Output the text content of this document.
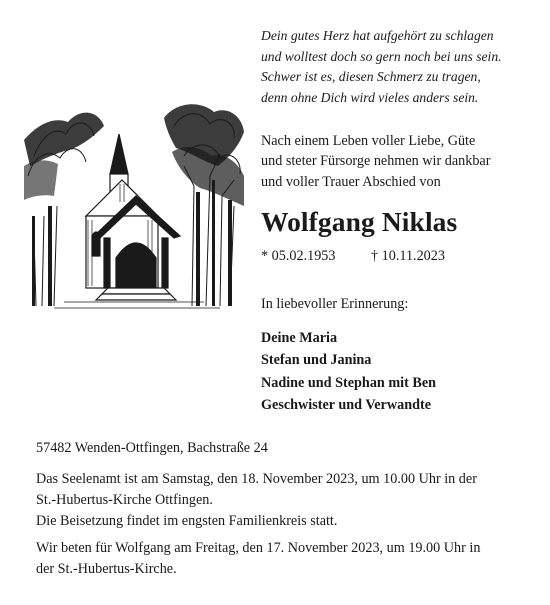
Dein gutes Herz hat aufgehört zu schlagen
und wolltest doch so gern noch bei uns sein.
Schwer ist es, diesen Schmerz zu tragen,
denn ohne Dich wird vieles anders sein.
Nach einem Leben voller Liebe, Güte
und steter Fürsorge nehmen wir dankbar
und voller Trauer Abschied von
Wolfgang Niklas
* 05.02.1953	† 10.11.2023
In liebevoller Erinnerung:
Deine Maria
Stefan und Janina
Nadine und Stephan mit Ben
Geschwister und Verwandte
57482 Wenden-Ottfingen, Bachstraße 24
Das Seelenamt ist am Samstag, den 18. November 2023, um 10.00 Uhr in der
St.-Hubertus-Kirche Ottfingen.
Die Beisetzung findet im engsten Familienkreis statt.
Wir beten für Wolfgang am Freitag, den 17. November 2023, um 19.00 Uhr in
der St.-Hubertus-Kirche.
